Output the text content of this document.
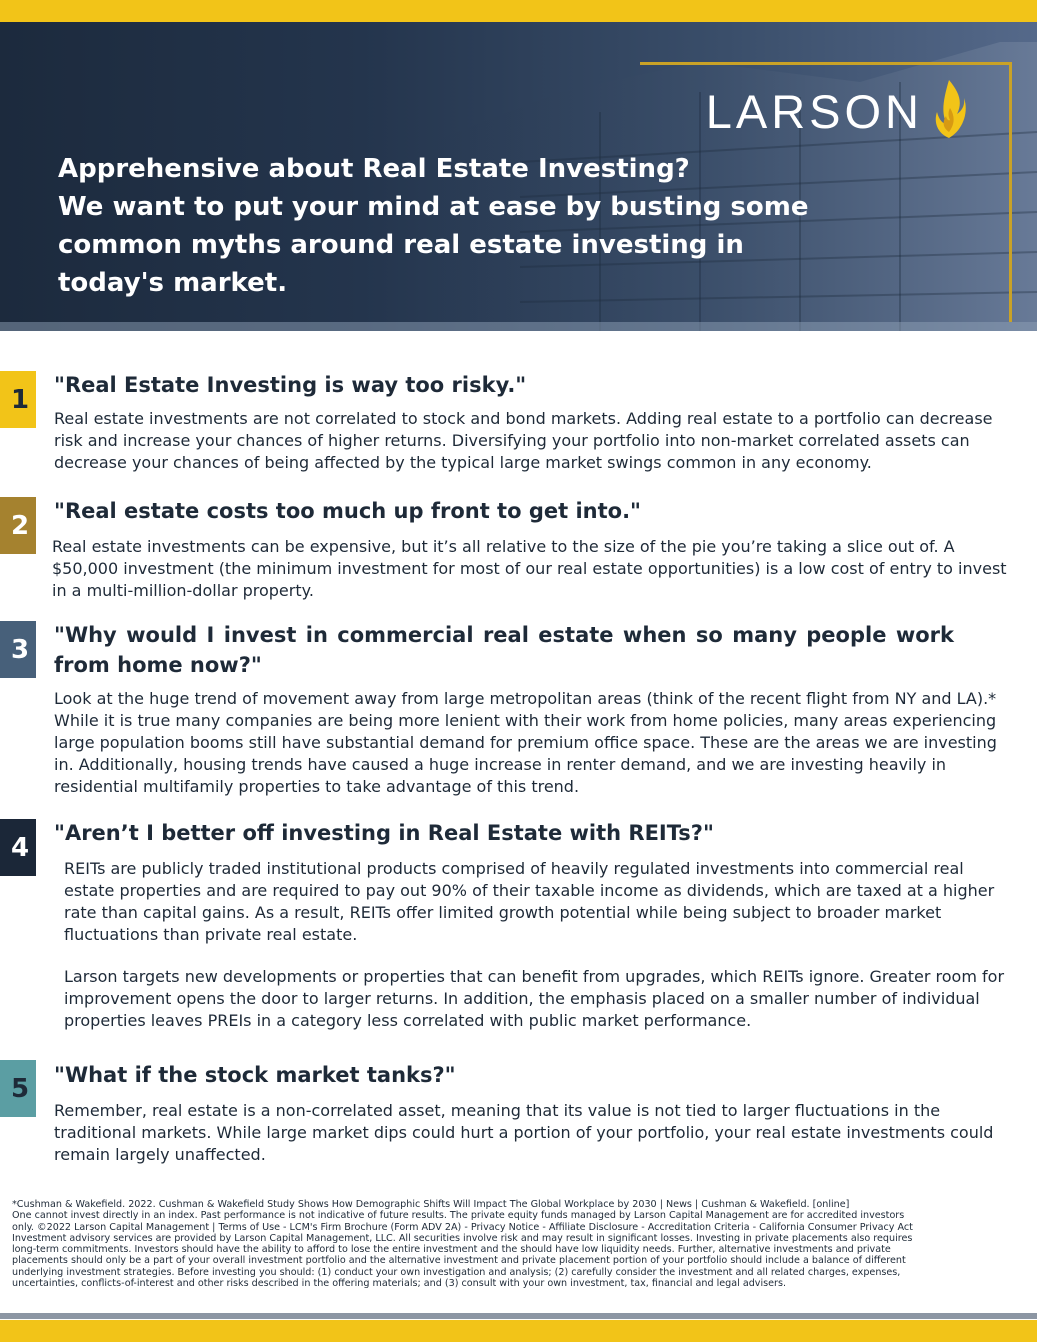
LARSON
Apprehensive about Real Estate Investing?
We want to put your mind at ease by busting some
common myths around real estate investing in
today's market.
1	"Real Estate Investing is way too risky."

Real estate investments are not correlated to stock and bond markets. Adding real estate to a portfolio can decrease risk and increase your chances of higher returns. Diversifying your portfolio into non-market correlated assets can decrease your chances of being affected by the typical large market swings common in any economy.

2	"Real estate costs too much up front to get into."

Real estate investments can be expensive, but it’s all relative to the size of the pie you’re taking a slice out of. A $50,000 investment (the minimum investment for most of our real estate opportunities) is a low cost of entry to invest in a multi-million-dollar property.

3	"Why would I invest in commercial real estate when so many people work from home now?"

Look at the huge trend of movement away from large metropolitan areas (think of the recent flight from NY and LA).* While it is true many companies are being more lenient with their work from home policies, many areas experiencing large population booms still have substantial demand for premium office space. These are the areas we are investing in. Additionally, housing trends have caused a huge increase in renter demand, and we are investing heavily in residential multifamily properties to take advantage of this trend.

4	"Aren’t I better off investing in Real Estate with REITs?"

REITs are publicly traded institutional products comprised of heavily regulated investments into commercial real estate properties and are required to pay out 90% of their taxable income as dividends, which are taxed at a higher rate than capital gains. As a result, REITs offer limited growth potential while being subject to broader market fluctuations than private real estate.

Larson targets new developments or properties that can benefit from upgrades, which REITs ignore. Greater room for improvement opens the door to larger returns. In addition, the emphasis placed on a smaller number of individual properties leaves PREIs in a category less correlated with public market performance.

5	"What if the stock market tanks?"

Remember, real estate is a non-correlated asset, meaning that its value is not tied to larger fluctuations in the traditional markets. While large market dips could hurt a portion of your portfolio, your real estate investments could remain largely unaffected.

*Cushman & Wakefield. 2022. Cushman & Wakefield Study Shows How Demographic Shifts Will Impact The Global Workplace by 2030 | News | Cushman & Wakefield. [online]
One cannot invest directly in an index. Past performance is not indicative of future results. The private equity funds managed by Larson Capital Management are for accredited investors
only. ©2022 Larson Capital Management | Terms of Use - LCM's Firm Brochure (Form ADV 2A) - Privacy Notice - Affiliate Disclosure - Accreditation Criteria - California Consumer Privacy Act
Investment advisory services are provided by Larson Capital Management, LLC. All securities involve risk and may result in significant losses. Investing in private placements also requires
long-term commitments. Investors should have the ability to afford to lose the entire investment and the should have low liquidity needs. Further, alternative investments and private
placements should only be a part of your overall investment portfolio and the alternative investment and private placement portion of your portfolio should include a balance of different
underlying investment strategies. Before investing you should: (1) conduct your own investigation and analysis; (2) carefully consider the investment and all related charges, expenses,
uncertainties, conflicts-of-interest and other risks described in the offering materials; and (3) consult with your own investment, tax, financial and legal advisers.
